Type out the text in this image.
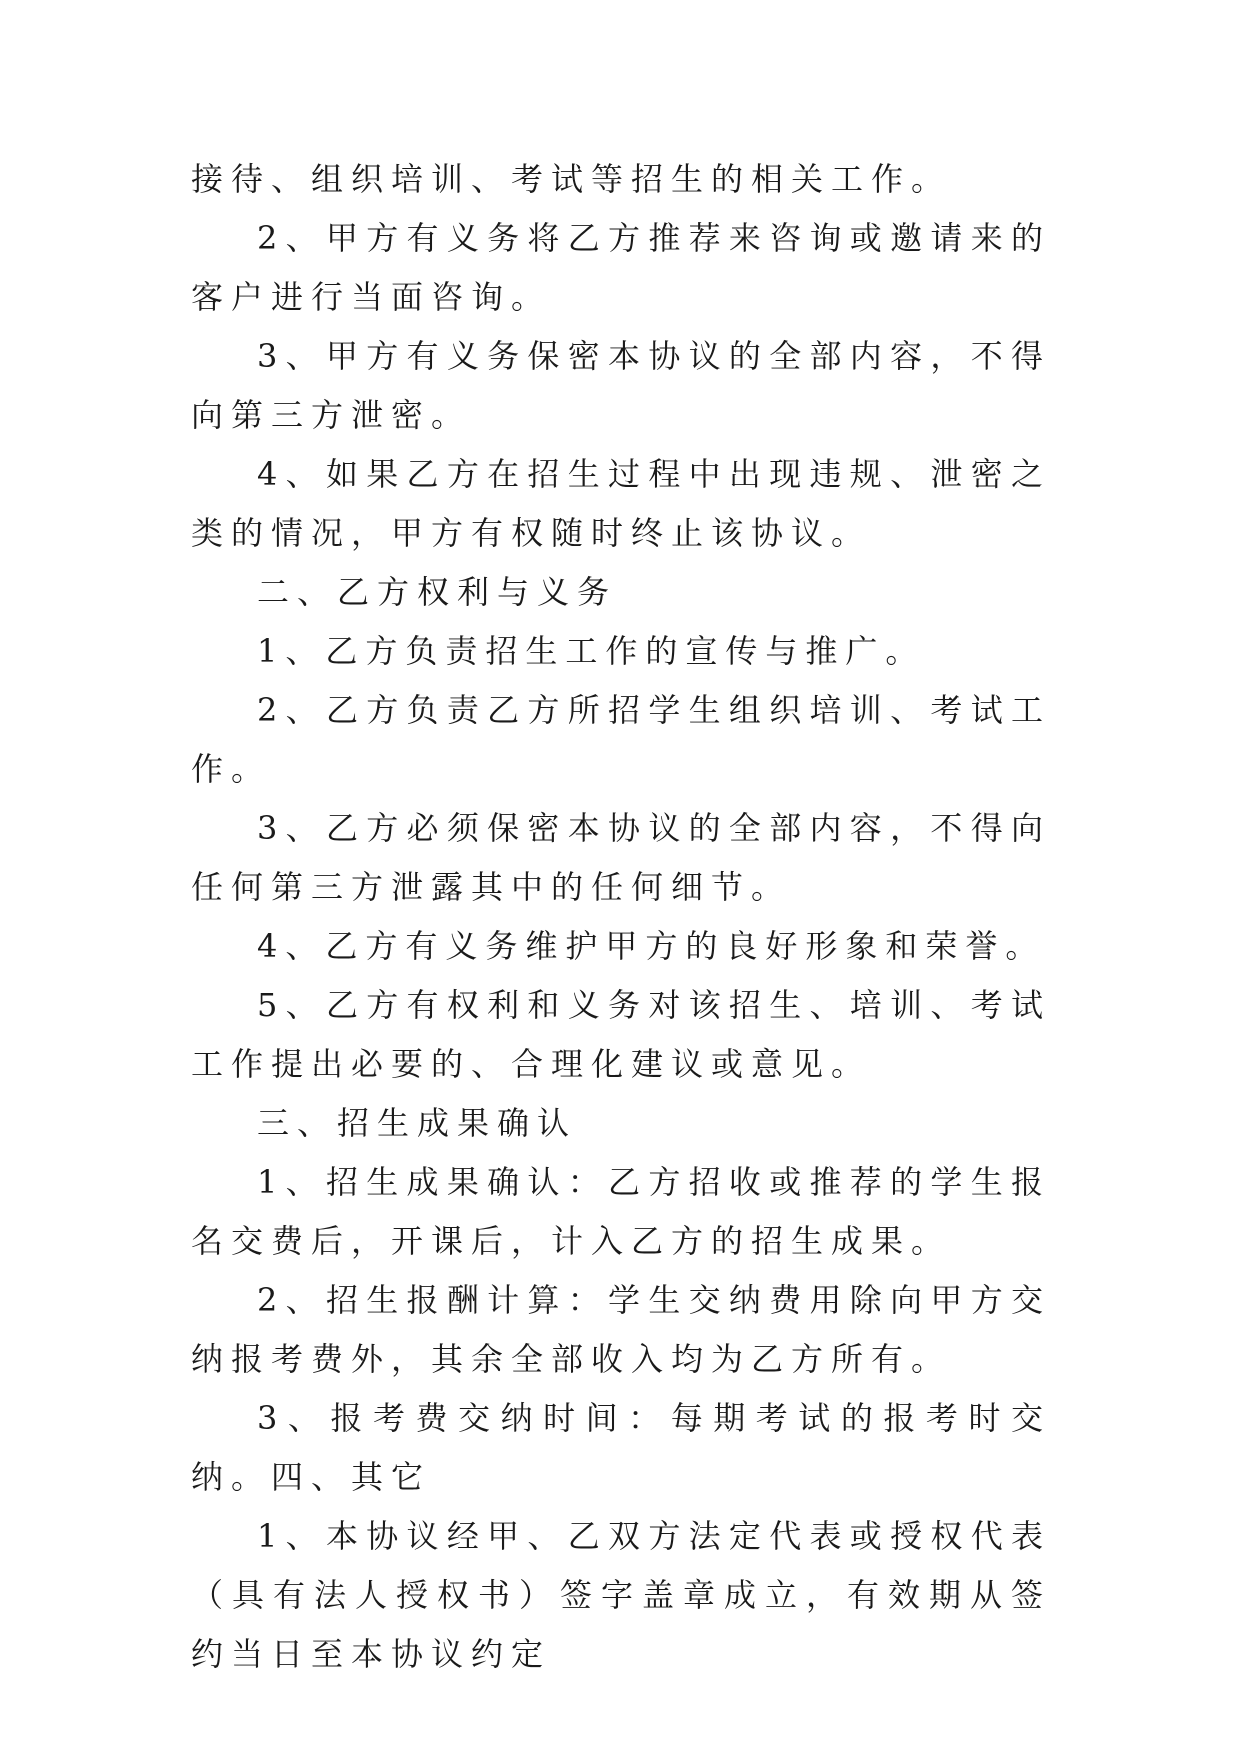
接待、组织培训、考试等招生的相关工作。

2、甲方有义务将乙方推荐来咨询或邀请来的客户进行当面咨询。

3、甲方有义务保密本协议的全部内容，不得向第三方泄密。

4、如果乙方在招生过程中出现违规、泄密之类的情况，甲方有权随时终止该协议。

二、乙方权利与义务

1、乙方负责招生工作的宣传与推广。

2、乙方负责乙方所招学生组织培训、考试工作。

3、乙方必须保密本协议的全部内容，不得向任何第三方泄露其中的任何细节。

4、乙方有义务维护甲方的良好形象和荣誉。

5、乙方有权利和义务对该招生、培训、考试工作提出必要的、合理化建议或意见。

三、招生成果确认

1、招生成果确认：乙方招收或推荐的学生报名交费后，开课后，计入乙方的招生成果。

2、招生报酬计算：学生交纳费用除向甲方交纳报考费外，其余全部收入均为乙方所有。

3、报考费交纳时间：每期考试的报考时交纳。四、其它

1、本协议经甲、乙双方法定代表或授权代表（具有法人授权书）签字盖章成立，有效期从签约当日至本协议约定
